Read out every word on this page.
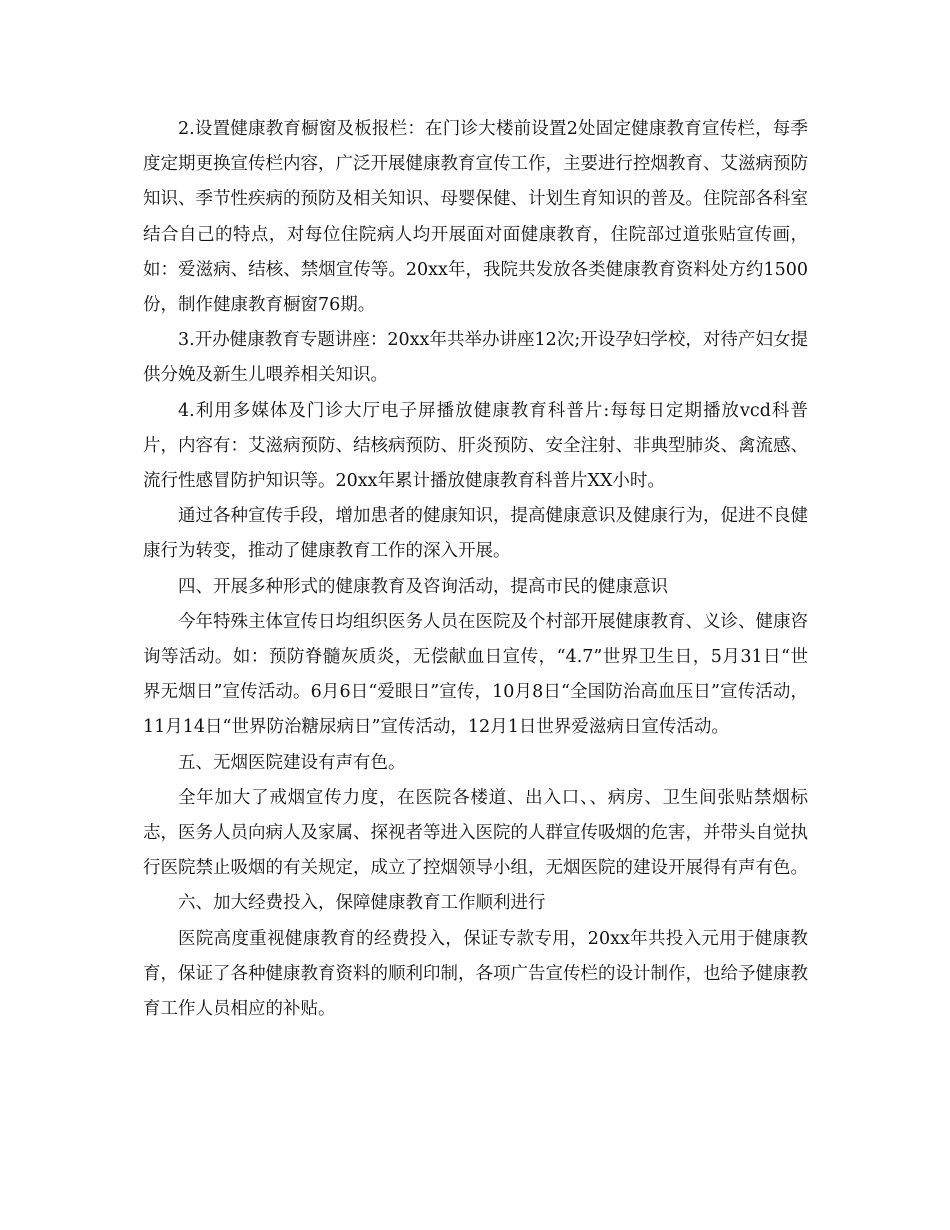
2.设置健康教育橱窗及板报栏：在门诊大楼前设置2处固定健康教育宣传栏，每季度定期更换宣传栏内容，广泛开展健康教育宣传工作，主要进行控烟教育、艾滋病预防知识、季节性疾病的预防及相关知识、母婴保健、计划生育知识的普及。住院部各科室结合自己的特点，对每位住院病人均开展面对面健康教育，住院部过道张贴宣传画，如：爱滋病、结核、禁烟宣传等。20xx年，我院共发放各类健康教育资料处方约1500份，制作健康教育橱窗76期。

3.开办健康教育专题讲座：20xx年共举办讲座12次;开设孕妇学校，对待产妇女提供分娩及新生儿喂养相关知识。

4.利用多媒体及门诊大厅电子屏播放健康教育科普片:每每日定期播放vcd科普片，内容有：艾滋病预防、结核病预防、肝炎预防、安全注射、非典型肺炎、禽流感、流行性感冒防护知识等。20xx年累计播放健康教育科普片XX小时。

通过各种宣传手段，增加患者的健康知识，提高健康意识及健康行为，促进不良健康行为转变，推动了健康教育工作的深入开展。

四、开展多种形式的健康教育及咨询活动，提高市民的健康意识

今年特殊主体宣传日均组织医务人员在医院及个村部开展健康教育、义诊、健康咨询等活动。如：预防脊髓灰质炎，无偿献血日宣传，“4.7”世界卫生日，5月31日“世界无烟日”宣传活动。6月6日“爱眼日”宣传，10月8日“全国防治高血压日”宣传活动，11月14日“世界防治糖尿病日”宣传活动，12月1日世界爱滋病日宣传活动。

五、无烟医院建设有声有色。

全年加大了戒烟宣传力度，在医院各楼道、出入口、、病房、卫生间张贴禁烟标志，医务人员向病人及家属、探视者等进入医院的人群宣传吸烟的危害，并带头自觉执行医院禁止吸烟的有关规定，成立了控烟领导小组，无烟医院的建设开展得有声有色。

六、加大经费投入，保障健康教育工作顺利进行

医院高度重视健康教育的经费投入，保证专款专用，20xx年共投入元用于健康教育，保证了各种健康教育资料的顺利印制，各项广告宣传栏的设计制作，也给予健康教育工作人员相应的补贴。
